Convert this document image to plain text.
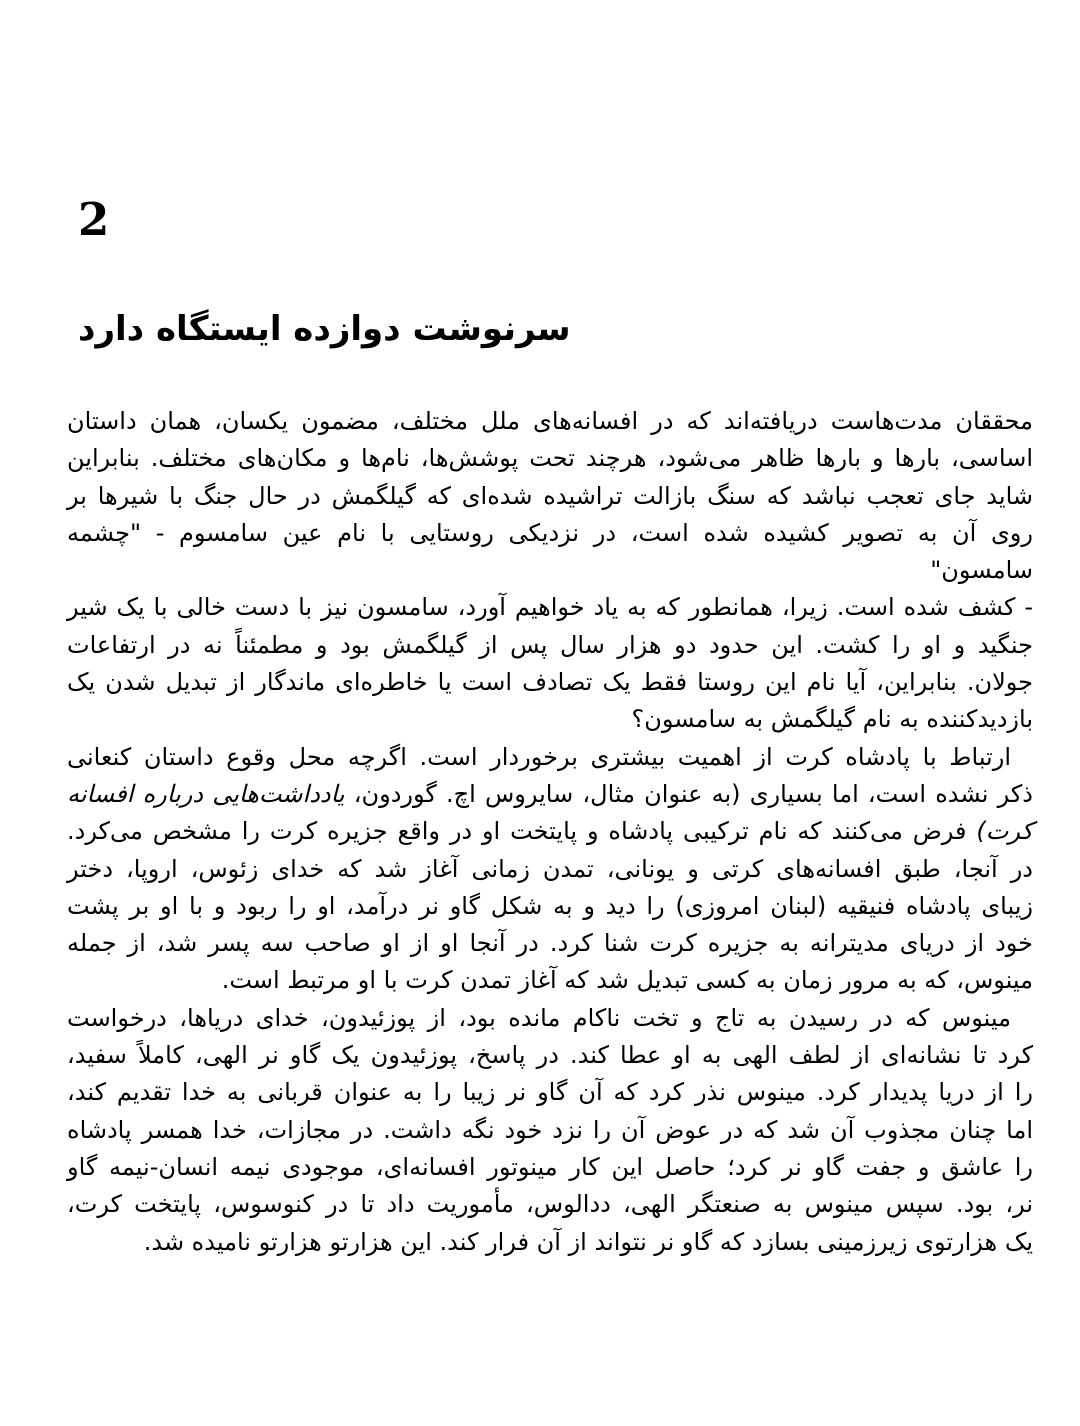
2
سرنوشت دوازده ایستگاه دارد
محققان مدت‌هاست دریافته‌اند که در افسانه‌های ملل مختلف، مضمون یکسان، همان داستان
اساسی، بارها و بارها ظاهر می‌شود، هرچند تحت پوشش‌ها، نام‌ها و مکان‌های مختلف. بنابراین
شاید جای تعجب نباشد که سنگ بازالت تراشیده شده‌ای که گیلگمش در حال جنگ با شیرها بر
روی آن به تصویر کشیده شده است، در نزدیکی روستایی با نام عین سامسوم - "چشمه سامسون"
- کشف شده است. زیرا، همانطور که به یاد خواهیم آورد، سامسون نیز با دست خالی با یک شیر
جنگید و او را کشت. این حدود دو هزار سال پس از گیلگمش بود و مطمئناً نه در ارتفاعات
جولان. بنابراین، آیا نام این روستا فقط یک تصادف است یا خاطره‌ای ماندگار از تبدیل شدن یک
بازدیدکننده به نام گیلگمش به سامسون؟
ارتباط با پادشاه کرت از اهمیت بیشتری برخوردار است. اگرچه محل وقوع داستان کنعانی
ذکر نشده است، اما بسیاری (به عنوان مثال، سایروس اچ. گوردون، یادداشت‌هایی درباره افسانه
کرت) فرض می‌کنند که نام ترکیبی پادشاه و پایتخت او در واقع جزیره کرت را مشخص می‌کرد.
در آنجا، طبق افسانه‌های کرتی و یونانی، تمدن زمانی آغاز شد که خدای زئوس، اروپا، دختر
زیبای پادشاه فنیقیه (لبنان امروزی) را دید و به شکل گاو نر درآمد، او را ربود و با او بر پشت
خود از دریای مدیترانه به جزیره کرت شنا کرد. در آنجا او از او صاحب سه پسر شد، از جمله
مینوس، که به مرور زمان به کسی تبدیل شد که آغاز تمدن کرت با او مرتبط است.
مینوس که در رسیدن به تاج و تخت ناکام مانده بود، از پوزئیدون، خدای دریاها، درخواست
کرد تا نشانه‌ای از لطف الهی به او عطا کند. در پاسخ، پوزئیدون یک گاو نر الهی، کاملاً سفید،
را از دریا پدیدار کرد. مینوس نذر کرد که آن گاو نر زیبا را به عنوان قربانی به خدا تقدیم کند،
اما چنان مجذوب آن شد که در عوض آن را نزد خود نگه داشت. در مجازات، خدا همسر پادشاه
را عاشق و جفت گاو نر کرد؛ حاصل این کار مینوتور افسانه‌ای، موجودی نیمه انسان-نیمه گاو
نر، بود. سپس مینوس به صنعتگر الهی، ددالوس، مأموریت داد تا در کنوسوس، پایتخت کرت،
یک هزارتوی زیرزمینی بسازد که گاو نر نتواند از آن فرار کند. این هزارتو هزارتو نامیده شد.
